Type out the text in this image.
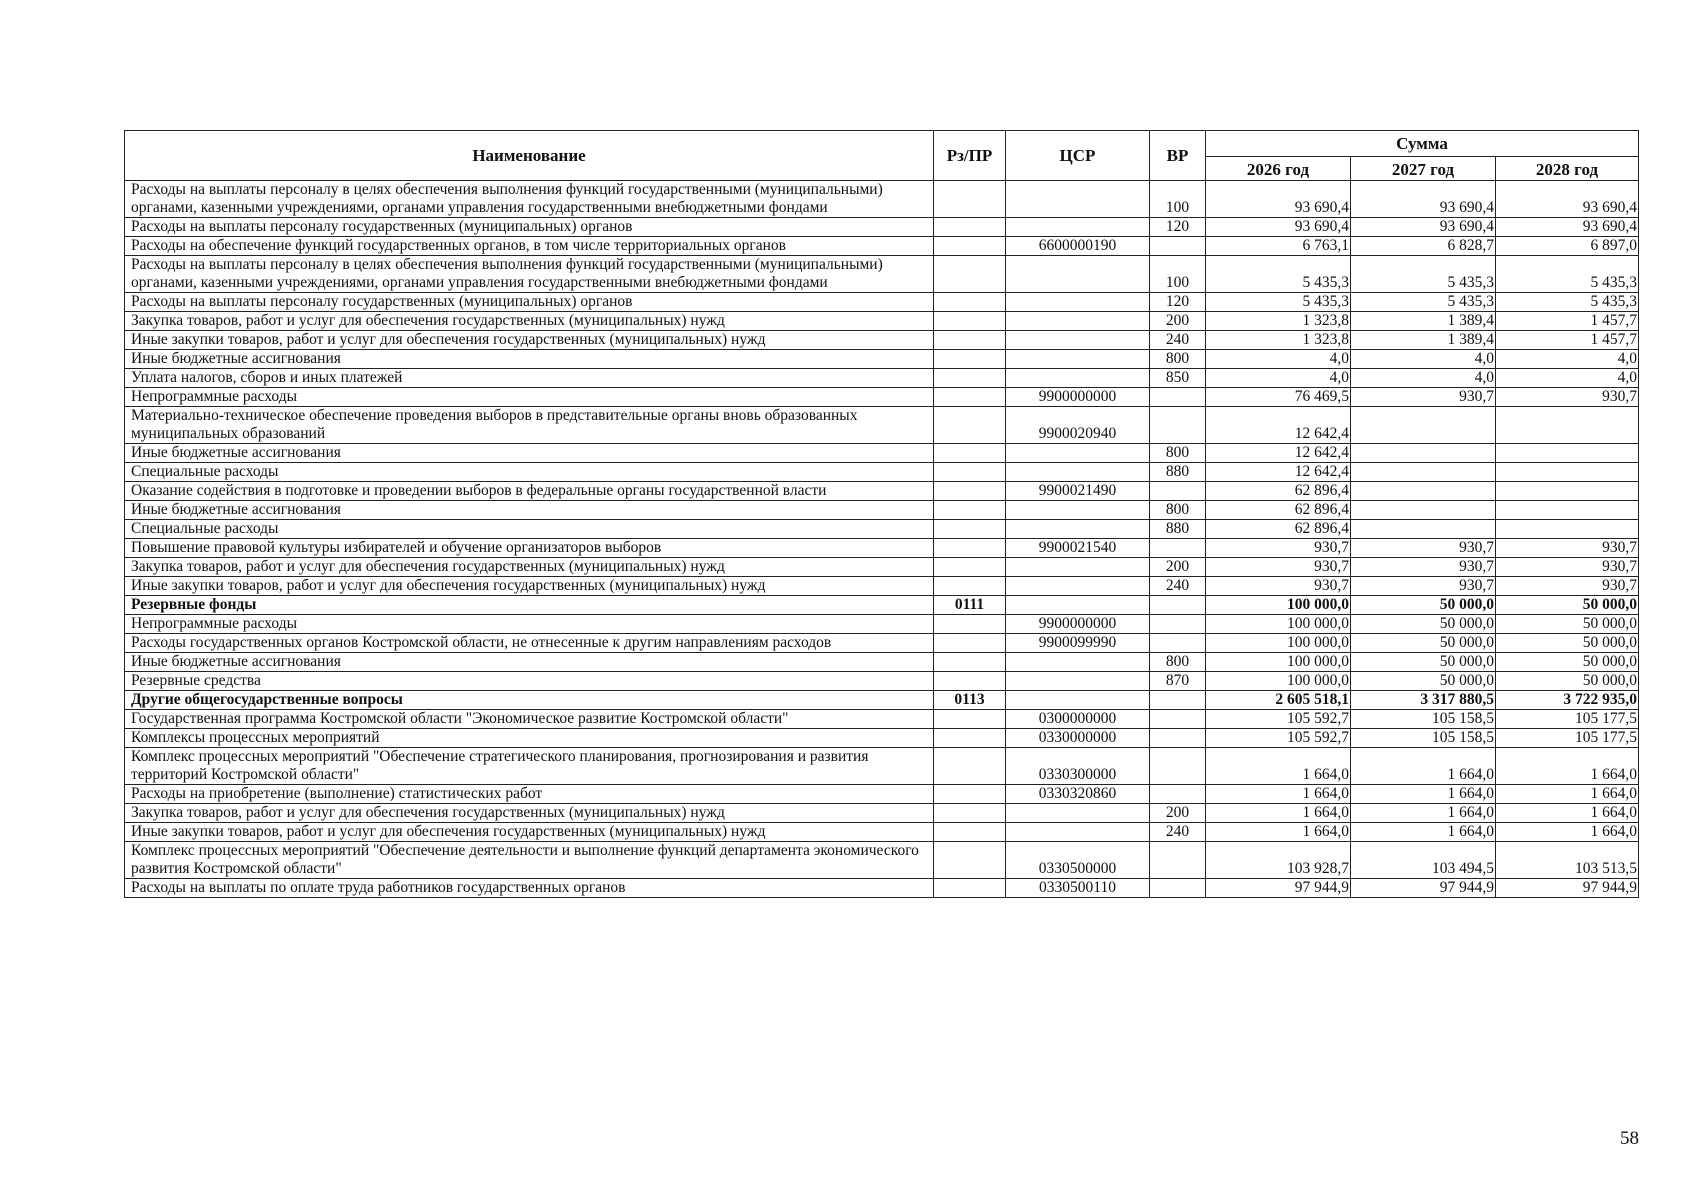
Наименование	Рз/ПР	ЦСР	ВР	Сумма		
				2026 год	2027 год	2028 год
Расходы на выплаты персоналу в целях обеспечения выполнения функций государственными (муниципальными) органами, казенными учреждениями, органами управления государственными внебюджетными фондами			100	93 690,4	93 690,4	93 690,4
Расходы на выплаты персоналу государственных (муниципальных) органов			120	93 690,4	93 690,4	93 690,4
Расходы на обеспечение функций государственных органов, в том числе территориальных органов		6600000190		6 763,1	6 828,7	6 897,0
Расходы на выплаты персоналу в целях обеспечения выполнения функций государственными (муниципальными) органами, казенными учреждениями, органами управления государственными внебюджетными фондами			100	5 435,3	5 435,3	5 435,3
Расходы на выплаты персоналу государственных (муниципальных) органов			120	5 435,3	5 435,3	5 435,3
Закупка товаров, работ и услуг для обеспечения государственных (муниципальных) нужд			200	1 323,8	1 389,4	1 457,7
Иные закупки товаров, работ и услуг для обеспечения государственных (муниципальных) нужд			240	1 323,8	1 389,4	1 457,7
Иные бюджетные ассигнования			800	4,0	4,0	4,0
Уплата налогов, сборов и иных платежей			850	4,0	4,0	4,0
Непрограммные расходы		9900000000		76 469,5	930,7	930,7
Материально-техническое обеспечение проведения выборов в представительные органы вновь образованных муниципальных образований		9900020940		12 642,4		
Иные бюджетные ассигнования			800	12 642,4		
Специальные расходы			880	12 642,4		
Оказание содействия в подготовке и проведении выборов в федеральные органы государственной власти		9900021490		62 896,4		
Иные бюджетные ассигнования			800	62 896,4		
Специальные расходы			880	62 896,4		
Повышение правовой культуры избирателей и обучение организаторов выборов		9900021540		930,7	930,7	930,7
Закупка товаров, работ и услуг для обеспечения государственных (муниципальных) нужд			200	930,7	930,7	930,7
Иные закупки товаров, работ и услуг для обеспечения государственных (муниципальных) нужд			240	930,7	930,7	930,7
Резервные фонды	0111			100 000,0	50 000,0	50 000,0
Непрограммные расходы		9900000000		100 000,0	50 000,0	50 000,0
Расходы государственных органов Костромской области, не отнесенные к другим направлениям расходов		9900099990		100 000,0	50 000,0	50 000,0
Иные бюджетные ассигнования			800	100 000,0	50 000,0	50 000,0
Резервные средства			870	100 000,0	50 000,0	50 000,0
Другие общегосударственные вопросы	0113			2 605 518,1	3 317 880,5	3 722 935,0
Государственная программа Костромской области "Экономическое развитие Костромской области"		0300000000		105 592,7	105 158,5	105 177,5
Комплексы процессных мероприятий		0330000000		105 592,7	105 158,5	105 177,5
Комплекс процессных мероприятий "Обеспечение стратегического планирования, прогнозирования и развития территорий Костромской области"		0330300000		1 664,0	1 664,0	1 664,0
Расходы на приобретение (выполнение) статистических работ		0330320860		1 664,0	1 664,0	1 664,0
Закупка товаров, работ и услуг для обеспечения государственных (муниципальных) нужд			200	1 664,0	1 664,0	1 664,0
Иные закупки товаров, работ и услуг для обеспечения государственных (муниципальных) нужд			240	1 664,0	1 664,0	1 664,0
Комплекс процессных мероприятий "Обеспечение деятельности и выполнение функций департамента экономического развития Костромской области"		0330500000		103 928,7	103 494,5	103 513,5
Расходы на выплаты по оплате труда работников государственных органов		0330500110		97 944,9	97 944,9	97 944,9
58
